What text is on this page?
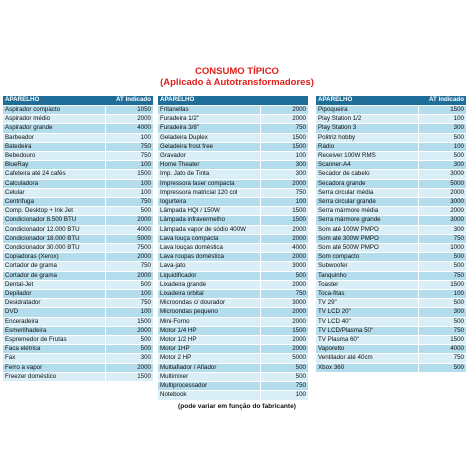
CONSUMO TÍPICO
(Aplicado à Autotransformadores)
APARELHO	AT Indicado
Aspirador compacto	1050
Aspirador médio	2000
Aspirador grande	4000
Barbeador	100
Batedeira	750
Bebedouro	750
BlueRay	100
Cafeteira até 24 cafés	1500
Calculadora	100
Celular	100
Centrífuga	750
Comp. Desktop + Ink Jet	500
Condicionador 8.500 BTU	2000
Condicionador 12.000 BTU	4000
Condicionador 18.000 BTU	5000
Condicionador 30.000 BTU	7500
Copiadoras (Xerox)	2000
Cortador de grama	750
Cortador de grama	2000
Dental-Jet	500
Depilador	100
Desidratador	750
DVD	100
Enceradeira	1500
Esmerilhadeira	2000
Espremedor de Frutas	500
Faca elétrica	500
Fax	300
Ferro a vapor	2000
Freezer doméstico	1500
APARELHO	
Fritanellas	2000
Furadeira 1/2"	2000
Furadeira 3/8"	750
Geladeira Duplex	1500
Geladeira frost free	1500
Gravador	100
Home Theater	300
Imp. Jato de Tinta	300
Impressora laser compacta	2000
Impressora matricial 120 col	750
Iogurteira	100
Lâmpada HQI / 150W	1500
Lâmpada infravermelho	1500
Lâmpada vapor de sódio 400W	2000
Lava louça compacta	2000
Lava louças doméstica	4000
Lava roupas doméstica	2000
Lava-jato	3000
Liquidificador	500
Lixadeira grande	2000
Lixadeira orbital	750
Microondas c/ dourador	3000
Microondas pequeno	2000
Mini-Forno	2000
Motor 1/4 HP	1500
Motor 1/2 HP	2000
Motor 1HP	2000
Motor 2 HP	5000
Multiafiador / Afiador	500
Multimixer	500
Multiprocessador	750
Notebook	100
APARELHO	AT Indicado
Pipoqueira	1500
Play Station 1/2	100
Play Station 3	300
Politriz hobby	500
Rádio	100
Receiver 100W RMS	500
Scanner-A4	300
Secador de cabelo	3000
Secadora grande	5000
Serra circular média	2000
Serra circular grande	3000
Serra mármore média	2000
Serra mármore grande	3000
Som até 100W PMPO	300
Som até 300W PMPO	750
Som até 500W PMPO	1000
Som compacto	500
Subwoofer	500
Tanquinho	750
Toaster	1500
Toca-fitas	100
TV 29"	500
TV LCD 20"	300
TV LCD 40"	500
TV LCD/Plasma 50"	750
TV Plasma 60"	1500
Vaporetto	4000
Ventilador até 40cm	750
Xbox 360	500
(pode variar em função do fabricante)
